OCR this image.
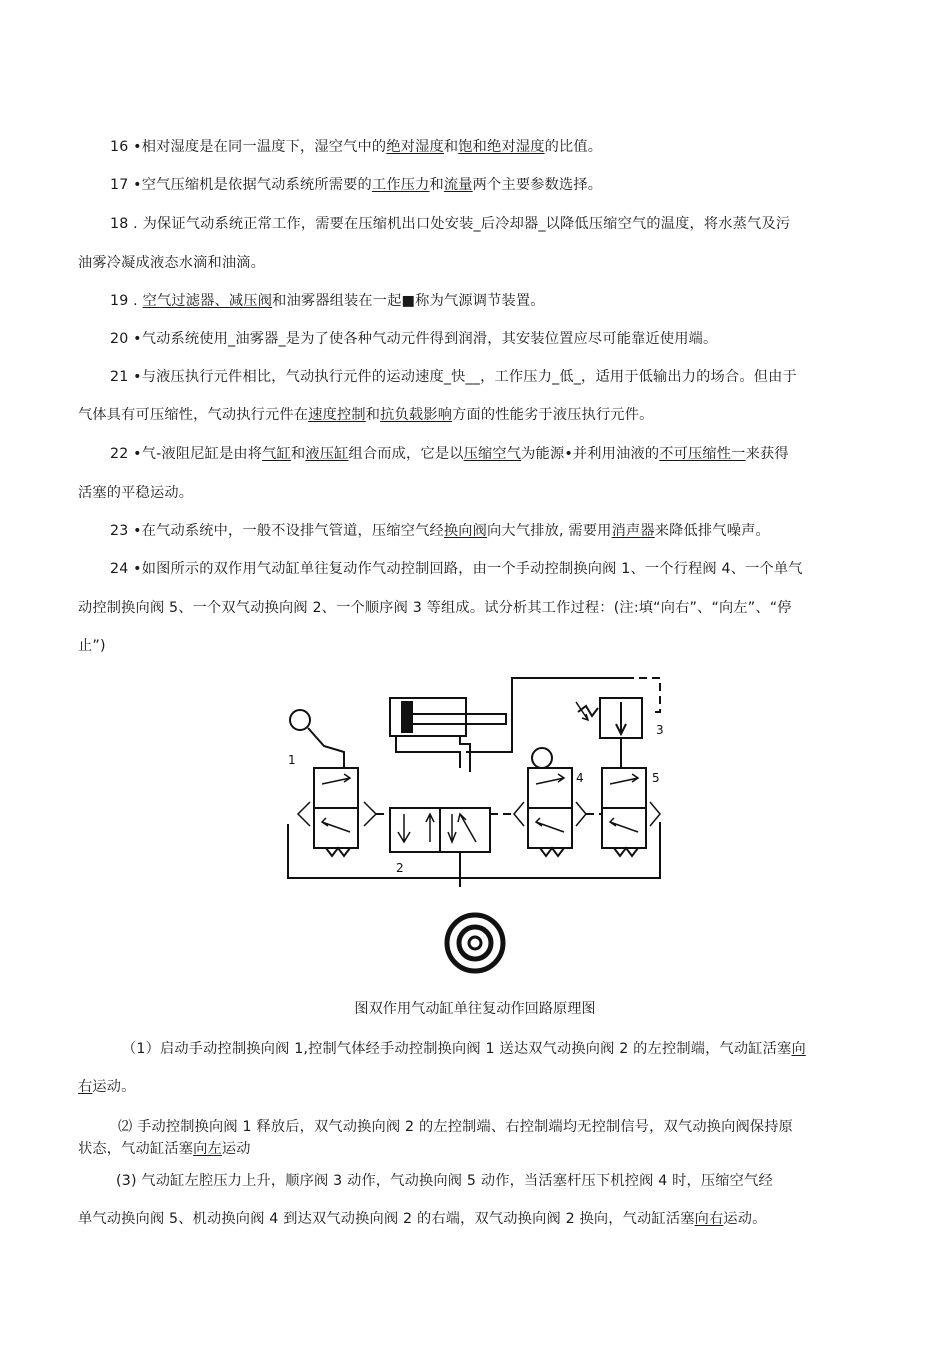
16 •相对湿度是在同一温度下，湿空气中的绝对湿度和饱和绝对湿度的比值。
17 •空气压缩机是依据气动系统所需要的工作压力和流量两个主要参数选择。
18 . 为保证气动系统正常工作，需要在压缩机出口处安装_后冷却器_以降低压缩空气的温度，将水蒸气及污
油雾冷凝成液态水滴和油滴。
19 . 空气过滤器、减压阀和油雾器组装在一起■称为气源调节装置。
20 •气动系统使用_油雾器_是为了使各种气动元件得到润滑，其安装位置应尽可能靠近使用端。
21 •与液压执行元件相比，气动执行元件的运动速度_快__，工作压力_低_，适用于低输出力的场合。但由于
气体具有可压缩性，气动执行元件在速度控制和抗负载影响方面的性能劣于液压执行元件。
22 •气-液阻尼缸是由将气缸和液压缸组合而成，它是以压缩空气为能源•并利用油液的不可压缩性一来获得
活塞的平稳运动。
23 •在气动系统中，一般不设排气管道，压缩空气经换向阀向大气排放, 需要用消声器来降低排气噪声。
24 •如图所示的双作用气动缸单往复动作气动控制回路，由一个手动控制换向阀 1、一个行程阀 4、一个单气
动控制换向阀 5、一个双气动换向阀 2、一个顺序阀 3 等组成。试分析其工作过程：(注:填“向右”、“向左”、“停
止”)
3
1
2
4	5
图双作用气动缸单往复动作回路原理图
（1）启动手动控制换向阀 1,控制气体经手动控制换向阀 1 送达双气动换向阀 2 的左控制端，气动缸活塞向
右运动。
⑵ 手动控制换向阀 1 释放后，双气动换向阀 2 的左控制端、右控制端均无控制信号，双气动换向阀保持原
状态，气动缸活塞向左运动
(3) 气动缸左腔压力上升，顺序阀 3 动作，气动换向阀 5 动作，当活塞杆压下机控阀 4 时，压缩空气经
单气动换向阀 5、机动换向阀 4 到达双气动换向阀 2 的右端，双气动换向阀 2 换向，气动缸活塞向右运动。
